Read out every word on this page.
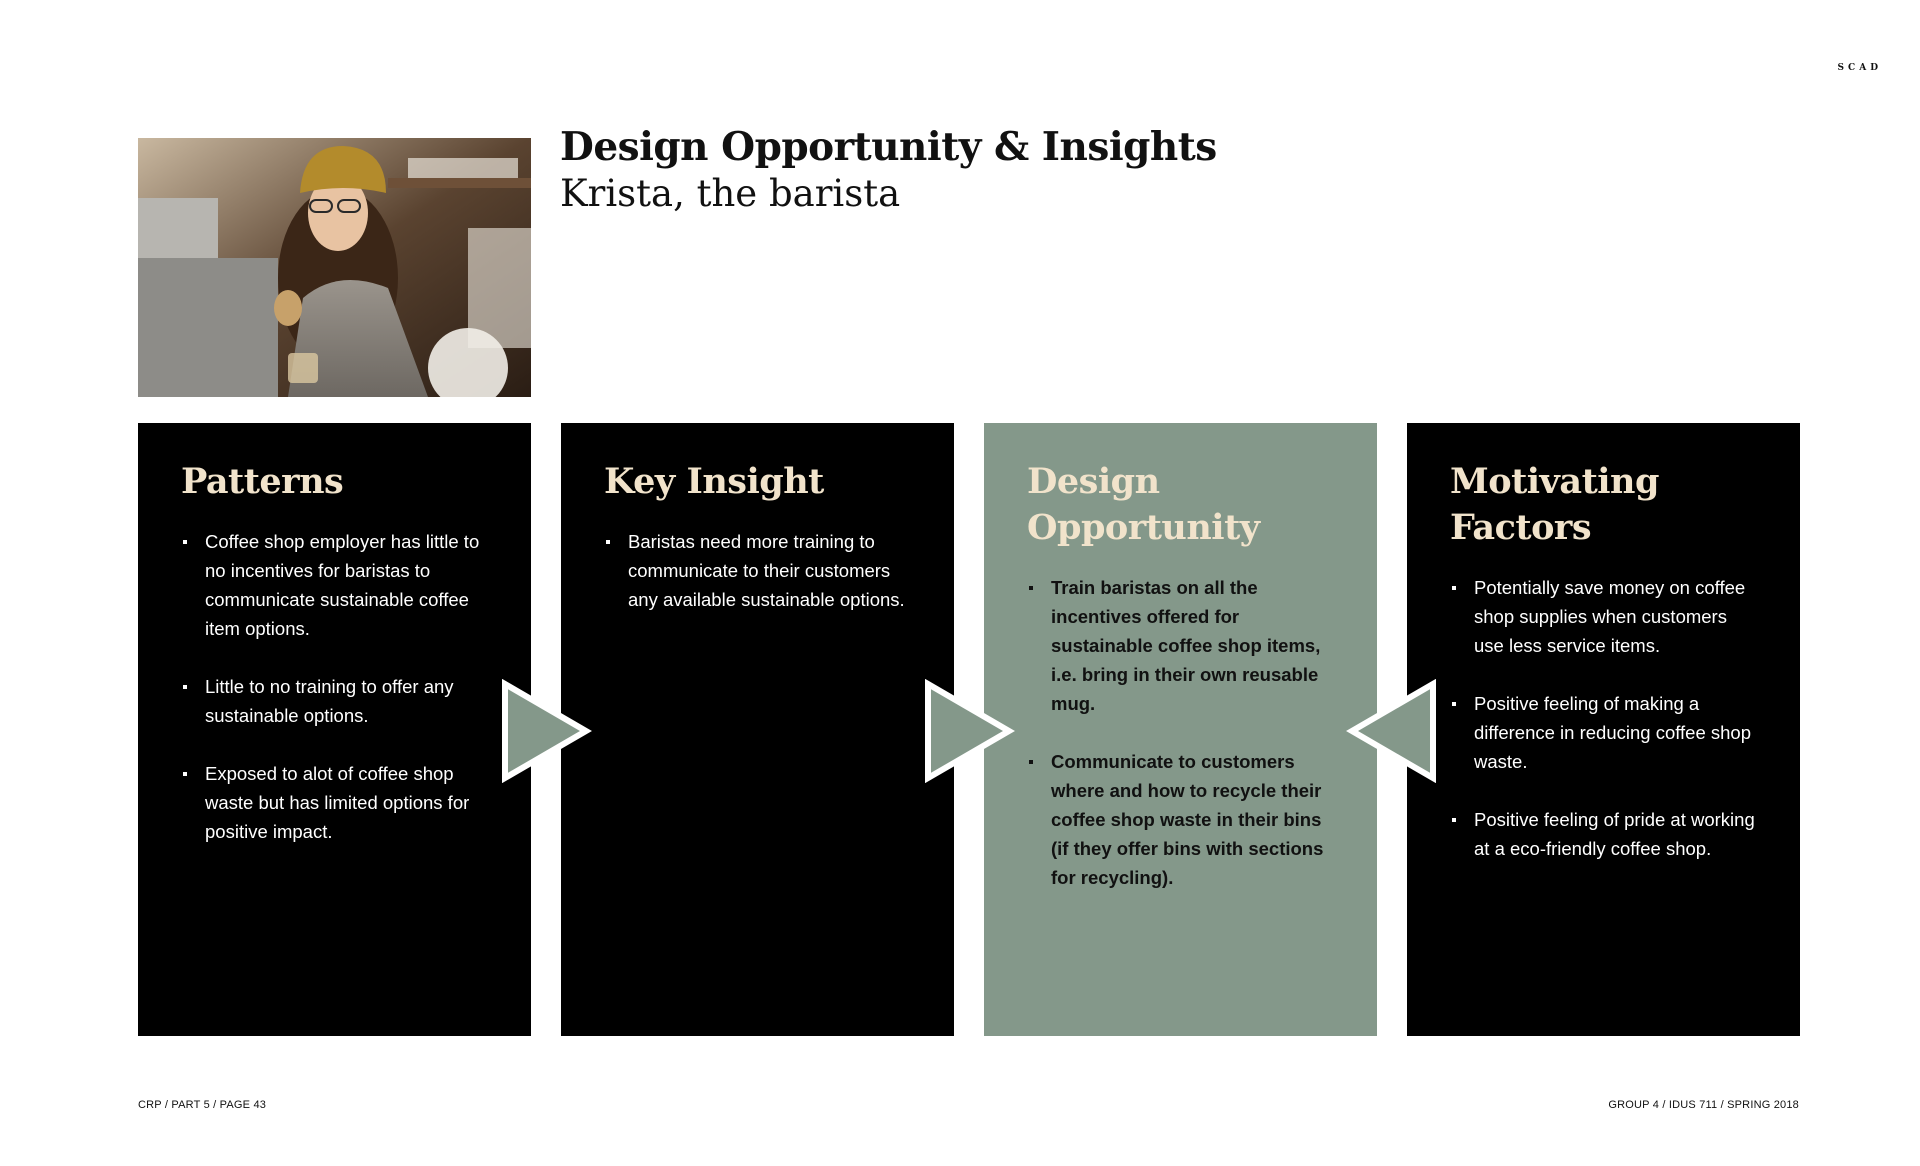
SCAD
Design Opportunity & Insights
Krista, the barista
Patterns
Coffee shop employer has little to no incentives for baristas to communicate sustainable coffee item options.
Little to no training to offer any sustainable options.
Exposed to alot of coffee shop waste but has limited options for positive impact.
Key Insight
Baristas need more training to communicate to their customers any available sustainable options.
Design Opportunity
Train baristas on all the incentives offered for sustainable coffee shop items, i.e. bring in their own reusable mug.
Communicate to customers where and how to recycle their coffee shop waste in their bins (if they offer bins with sections for recycling).
Motivating Factors
Potentially save money on coffee shop supplies when customers use less service items.
Positive feeling of making a difference in reducing coffee shop waste.
Positive feeling of pride at working at a eco-friendly coffee shop.
CRP / PART 5 / PAGE 43	GROUP 4 / IDUS 711 / SPRING 2018
